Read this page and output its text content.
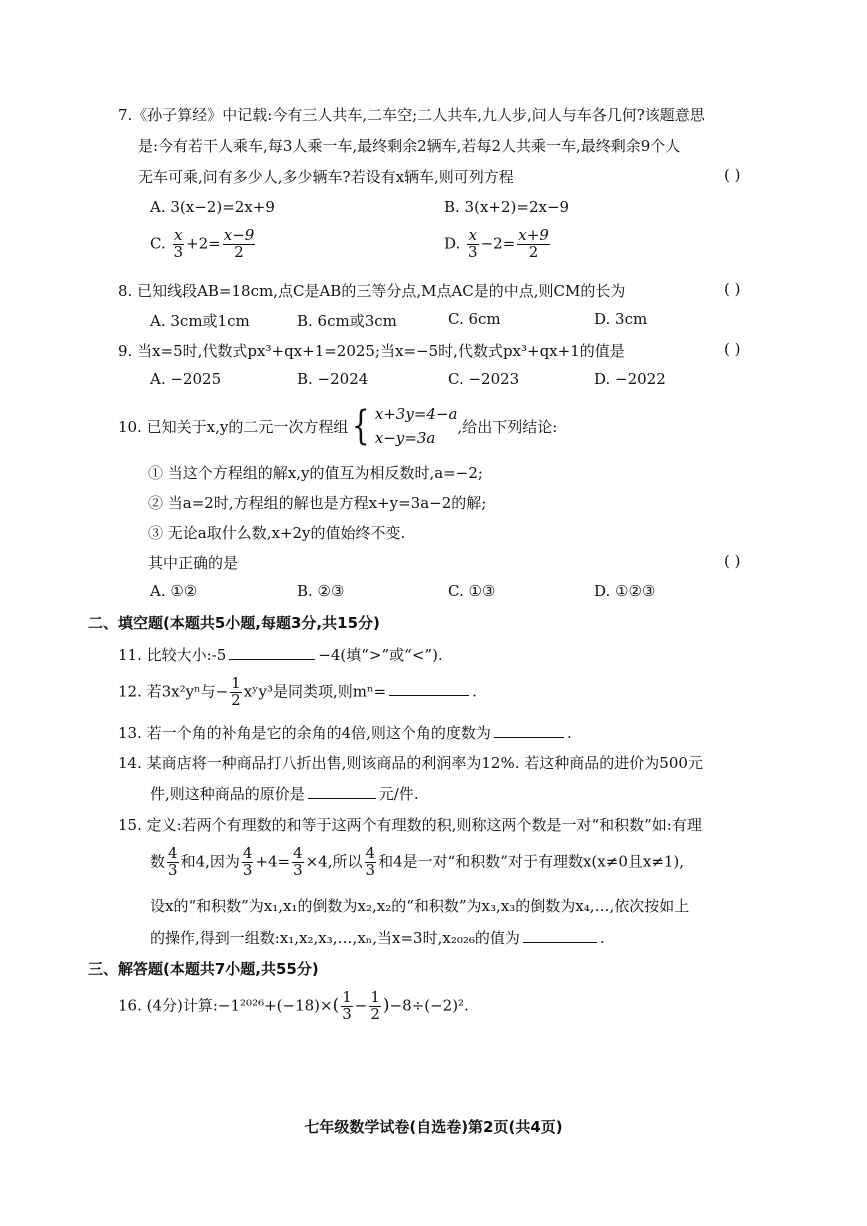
7.《孙子算经》中记载:今有三人共车,二车空;二人共车,九人步,问人与车各几何?该题意思
是:今有若干人乘车,每3人乘一车,最终剩余2辆车,若每2人共乘一车,最终剩余9个人
无车可乘,问有多少人,多少辆车?若设有x辆车,则可列方程	( )
A. 3(x−2)=2x+9	B. 3(x+2)=2x−9
C. $\frac{x}{3} +2= \frac{x-9}{2}$	D. $\frac{x}{3} -2= \frac{x+9}{2}$
8. 已知线段AB=18cm,点C是AB的三等分点,M点AC是的中点,则CM的长为	( )
A. 3cm或1cm	B. 6cm或3cm	C. 6cm	D. 3cm
9. 当x=5时,代数式px³+qx+1=2025;当x=−5时,代数式px³+qx+1的值是	( )
A. −2025	B. −2024	C. −2023	D. −2022
10. 已知关于x,y的二元一次方程组 { x+3y=4−a
x−y=3a
,给出下列结论:
① 当这个方程组的解x,y的值互为相反数时,a=−2;
② 当a=2时,方程组的解也是方程x+y=3a−2的解;
③ 无论a取什么数,x+2y的值始终不变.
其中正确的是	( )
A. ①②	B. ②③	C. ①③	D. ①②③
二、填空题(本题共5小题,每题3分,共15分)
11. 比较大小:-5	−4(填“>”或“<”).
12. 若3x²yⁿ与− $\frac{1}{2}$ xʸy³是同类项,则mⁿ=	.
13. 若一个角的补角是它的余角的4倍,则这个角的度数为	.
14. 某商店将一种商品打八折出售,则该商品的利润率为12%. 若这种商品的进价为500元
件,则这种商品的原价是	元/件.
15. 定义:若两个有理数的和等于这两个有理数的积,则称这两个数是一对“和积数”如:有理
数 $\frac{4}{3}$ 和4,因为 $\frac{4}{3} +4= \frac{4}{3} \times 4$,所以 $\frac{4}{3}$ 和4是一对“和积数”对于有理数x(x≠0且x≠1),
设x的“和积数”为x₁,x₁的倒数为x₂,x₂的“和积数”为x₃,x₃的倒数为x₄,…,依次按如上
的操作,得到一组数:x₁,x₂,x₃,…,xₙ,当x=3时,x₂₀₂₆的值为	.
三、解答题(本题共7小题,共55分)
16. (4分)计算:−1²⁰²⁶+(−18)×( $\frac{1}{3} - \frac{1}{2} )-8\div(-2)^2$.
七年级数学试卷(自选卷)第2页(共4页)
